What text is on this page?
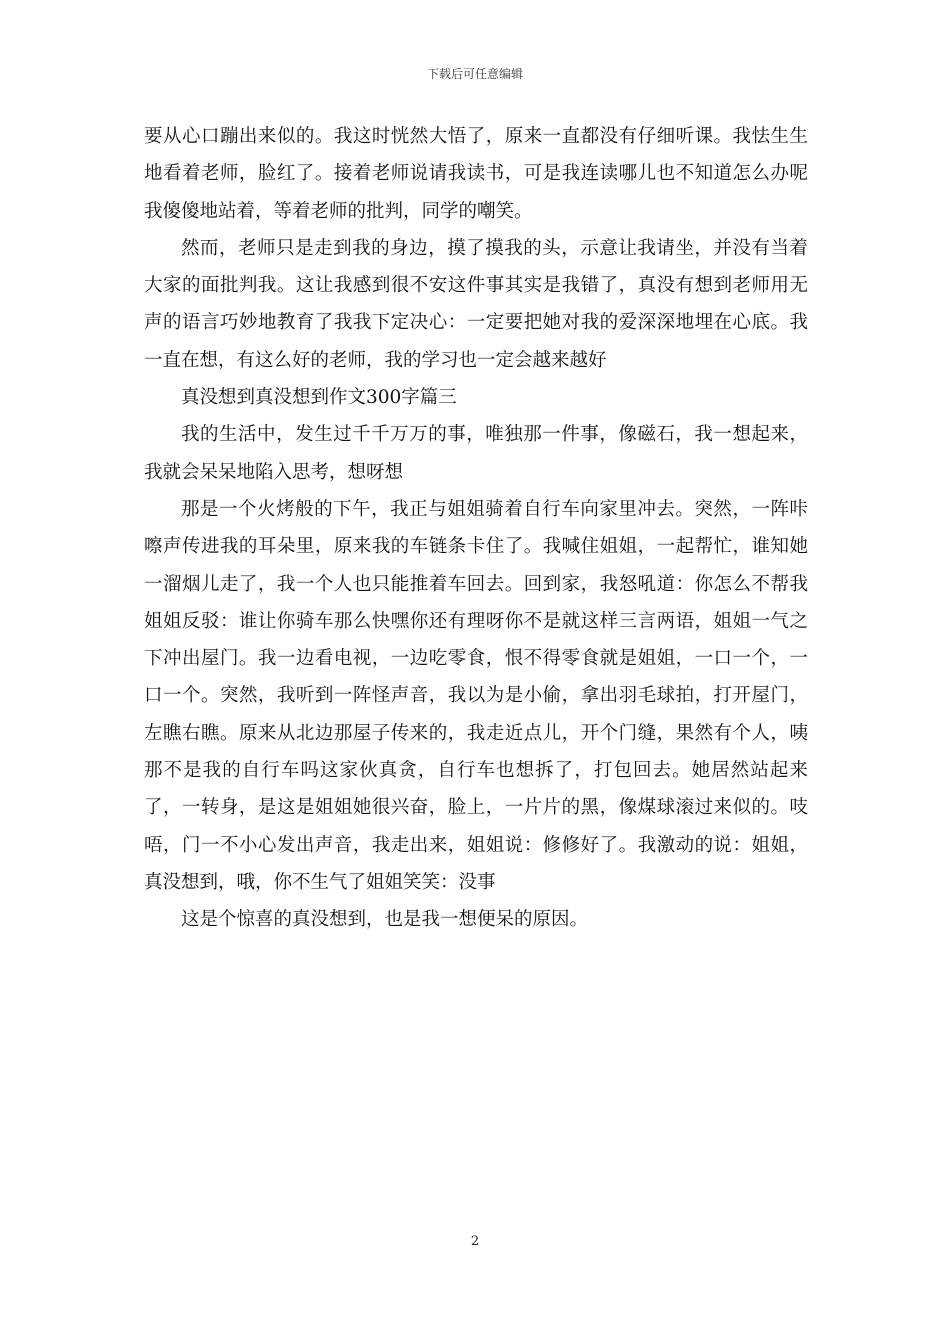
下载后可任意编辑

要从心口蹦出来似的。我这时恍然大悟了，原来一直都没有仔细听课。我怯生生地看着老师，脸红了。接着老师说请我读书，可是我连读哪儿也不知道怎么办呢我傻傻地站着，等着老师的批判，同学的嘲笑。

然而，老师只是走到我的身边，摸了摸我的头，示意让我请坐，并没有当着大家的面批判我。这让我感到很不安这件事其实是我错了，真没有想到老师用无声的语言巧妙地教育了我我下定决心：一定要把她对我的爱深深地埋在心底。我一直在想，有这么好的老师，我的学习也一定会越来越好

真没想到真没想到作文300字篇三

我的生活中，发生过千千万万的事，唯独那一件事，像磁石，我一想起来，我就会呆呆地陷入思考，想呀想

那是一个火烤般的下午，我正与姐姐骑着自行车向家里冲去。突然，一阵咔嚓声传进我的耳朵里，原来我的车链条卡住了。我喊住姐姐，一起帮忙，谁知她一溜烟儿走了，我一个人也只能推着车回去。回到家，我怒吼道：你怎么不帮我姐姐反驳：谁让你骑车那么快嘿你还有理呀你不是就这样三言两语，姐姐一气之下冲出屋门。我一边看电视，一边吃零食，恨不得零食就是姐姐，一口一个，一口一个。突然，我听到一阵怪声音，我以为是小偷，拿出羽毛球拍，打开屋门，左瞧右瞧。原来从北边那屋子传来的，我走近点儿，开个门缝，果然有个人，咦那不是我的自行车吗这家伙真贪，自行车也想拆了，打包回去。她居然站起来了，一转身，是这是姐姐她很兴奋，脸上，一片片的黑，像煤球滚过来似的。吱唔，门一不小心发出声音，我走出来，姐姐说：修修好了。我激动的说：姐姐，真没想到，哦，你不生气了姐姐笑笑：没事

这是个惊喜的真没想到，也是我一想便呆的原因。

2
